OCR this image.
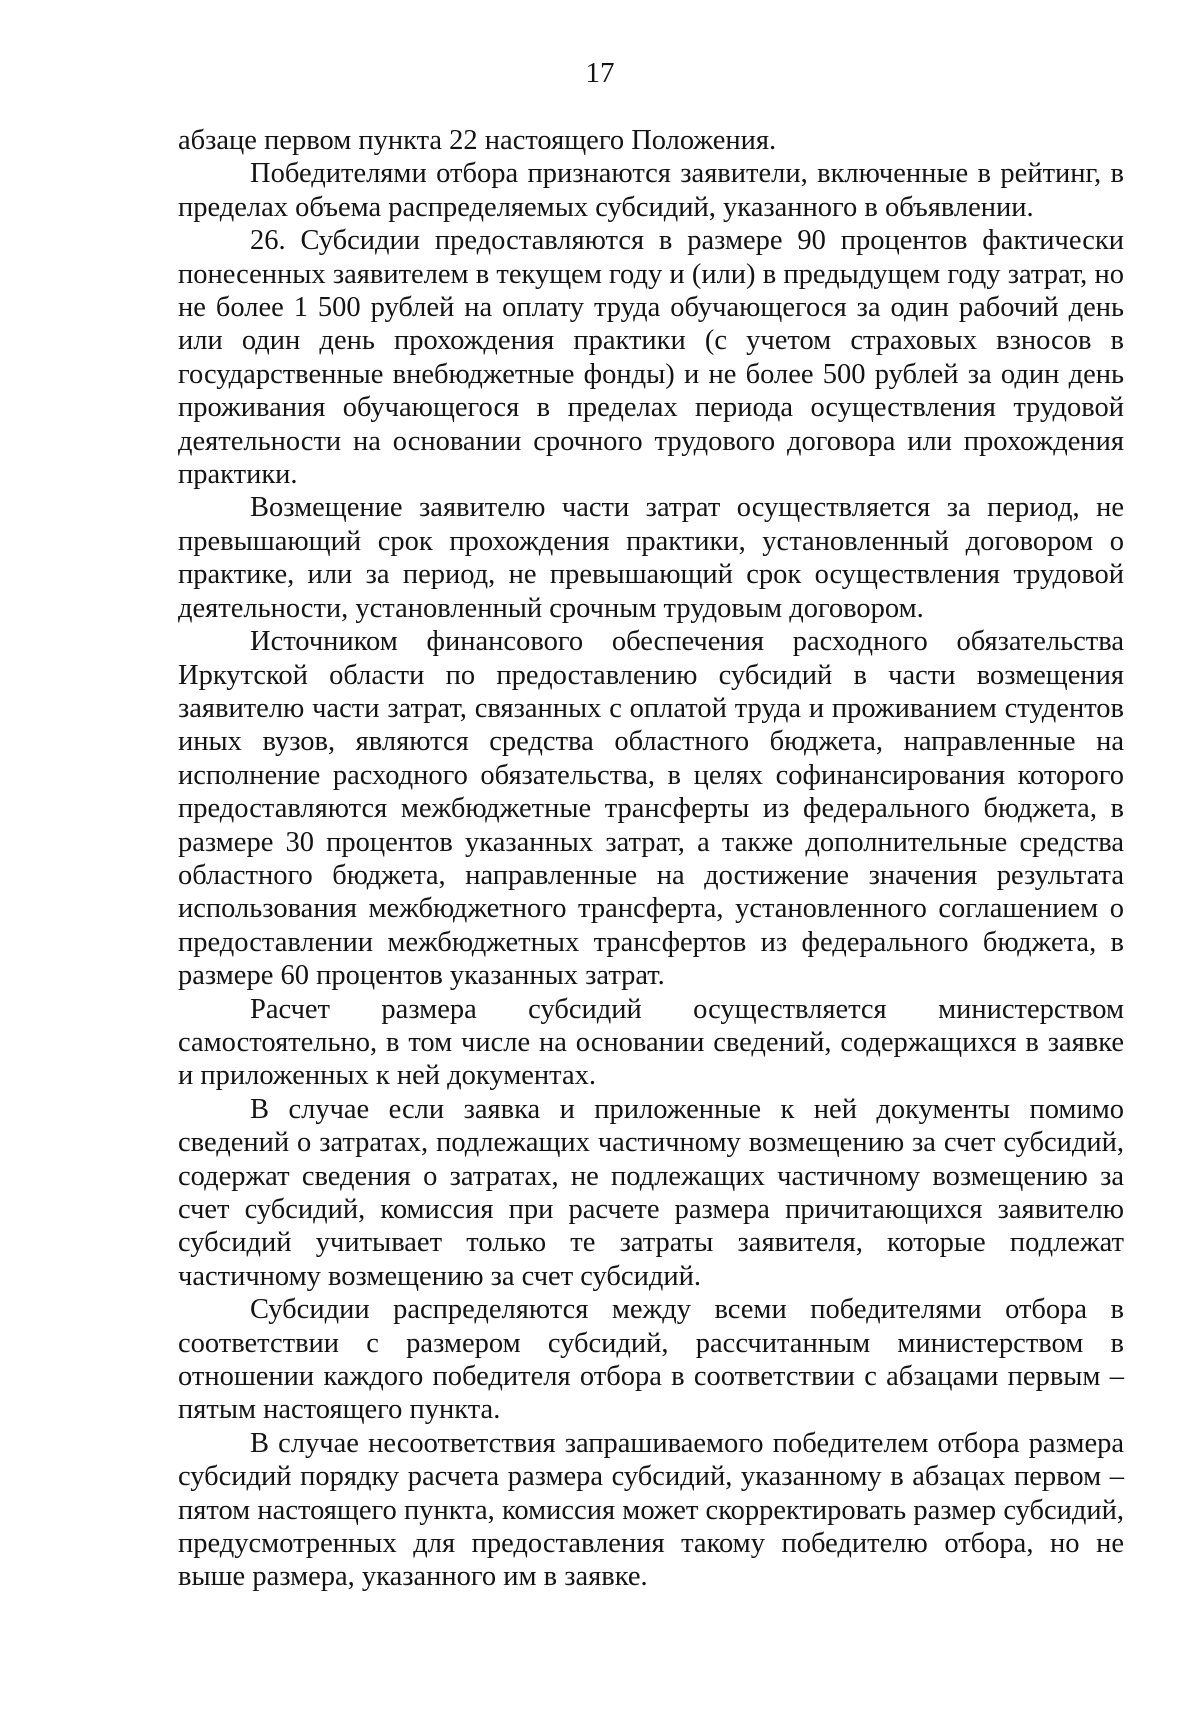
17

абзаце первом пункта 22 настоящего Положения.

Победителями отбора признаются заявители, включенные в рейтинг, в пределах объема распределяемых субсидий, указанного в объявлении.

26. Субсидии предоставляются в размере 90 процентов фактически понесенных заявителем в текущем году и (или) в предыдущем году затрат, но не более 1 500 рублей на оплату труда обучающегося за один рабочий день или один день прохождения практики (с учетом страховых взносов в государственные внебюджетные фонды) и не более 500 рублей за один день проживания обучающегося в пределах периода осуществления трудовой деятельности на основании срочного трудового договора или прохождения практики.

Возмещение заявителю части затрат осуществляется за период, не превышающий срок прохождения практики, установленный договором о практике, или за период, не превышающий срок осуществления трудовой деятельности, установленный срочным трудовым договором.

Источником финансового обеспечения расходного обязательства Иркутской области по предоставлению субсидий в части возмещения заявителю части затрат, связанных с оплатой труда и проживанием студентов иных вузов, являются средства областного бюджета, направленные на исполнение расходного обязательства, в целях софинансирования которого предоставляются межбюджетные трансферты из федерального бюджета, в размере 30 процентов указанных затрат, а также дополнительные средства областного бюджета, направленные на достижение значения результата использования межбюджетного трансферта, установленного соглашением о предоставлении межбюджетных трансфертов из федерального бюджета, в размере 60 процентов указанных затрат.

Расчет размера субсидий осуществляется министерством самостоятельно, в том числе на основании сведений, содержащихся в заявке и приложенных к ней документах.

В случае если заявка и приложенные к ней документы помимо сведений о затратах, подлежащих частичному возмещению за счет субсидий, содержат сведения о затратах, не подлежащих частичному возмещению за счет субсидий, комиссия при расчете размера причитающихся заявителю субсидий учитывает только те затраты заявителя, которые подлежат частичному возмещению за счет субсидий.

Субсидии распределяются между всеми победителями отбора в соответствии с размером субсидий, рассчитанным министерством в отношении каждого победителя отбора в соответствии с абзацами первым – пятым настоящего пункта.

В случае несоответствия запрашиваемого победителем отбора размера субсидий порядку расчета размера субсидий, указанному в абзацах первом – пятом настоящего пункта, комиссия может скорректировать размер субсидий, предусмотренных для предоставления такому победителю отбора, но не выше размера, указанного им в заявке.
